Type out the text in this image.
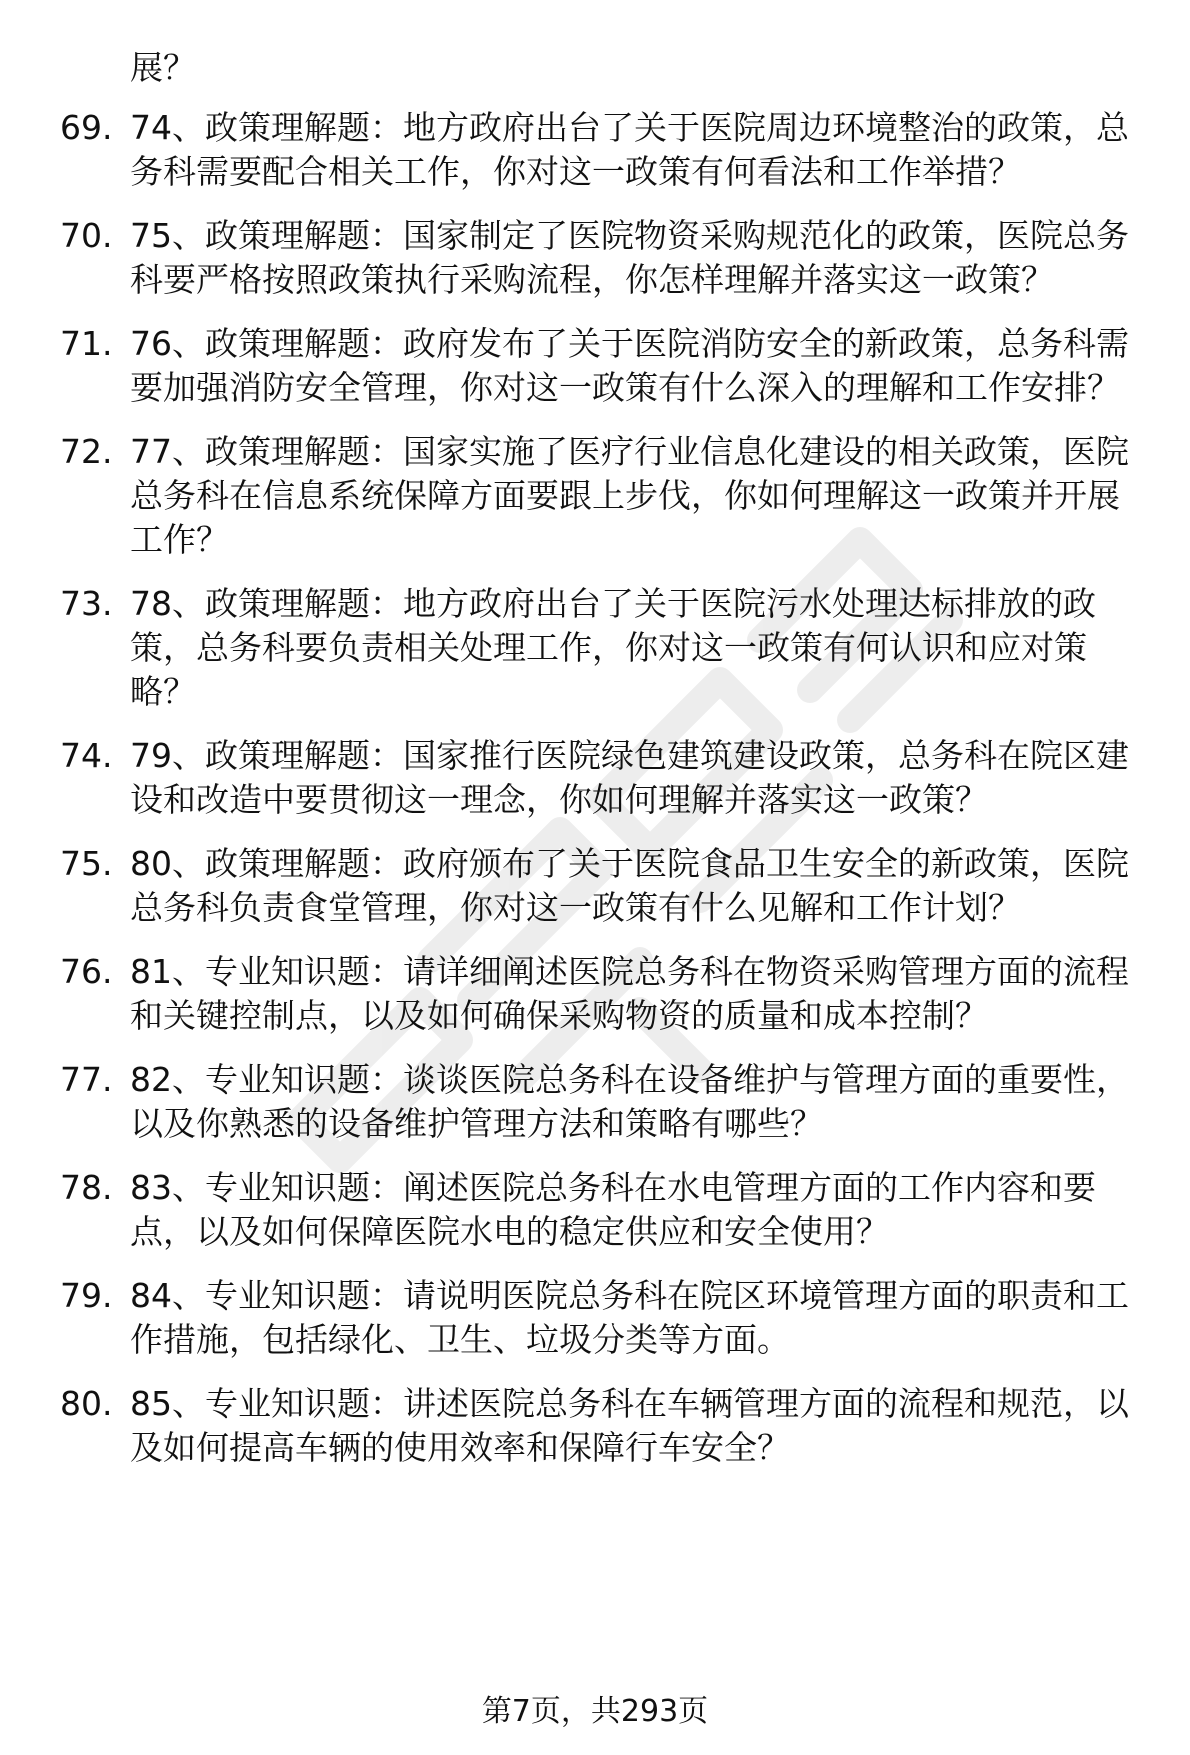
展？
69. 74、政策理解题：地方政府出台了关于医院周边环境整治的政策，总务科需要配合相关工作，你对这一政策有何看法和工作举措？
70. 75、政策理解题：国家制定了医院物资采购规范化的政策，医院总务科要严格按照政策执行采购流程，你怎样理解并落实这一政策？
71. 76、政策理解题：政府发布了关于医院消防安全的新政策，总务科需要加强消防安全管理，你对这一政策有什么深入的理解和工作安排？
72. 77、政策理解题：国家实施了医疗行业信息化建设的相关政策，医院总务科在信息系统保障方面要跟上步伐，你如何理解这一政策并开展工作？
73. 78、政策理解题：地方政府出台了关于医院污水处理达标排放的政策，总务科要负责相关处理工作，你对这一政策有何认识和应对策略？
74. 79、政策理解题：国家推行医院绿色建筑建设政策，总务科在院区建设和改造中要贯彻这一理念，你如何理解并落实这一政策？
75. 80、政策理解题：政府颁布了关于医院食品卫生安全的新政策，医院总务科负责食堂管理，你对这一政策有什么见解和工作计划？
76. 81、专业知识题：请详细阐述医院总务科在物资采购管理方面的流程和关键控制点，以及如何确保采购物资的质量和成本控制？
77. 82、专业知识题：谈谈医院总务科在设备维护与管理方面的重要性，以及你熟悉的设备维护管理方法和策略有哪些？
78. 83、专业知识题：阐述医院总务科在水电管理方面的工作内容和要点，以及如何保障医院水电的稳定供应和安全使用？
79. 84、专业知识题：请说明医院总务科在院区环境管理方面的职责和工作措施，包括绿化、卫生、垃圾分类等方面。
80. 85、专业知识题：讲述医院总务科在车辆管理方面的流程和规范，以及如何提高车辆的使用效率和保障行车安全？
第7页，共293页
